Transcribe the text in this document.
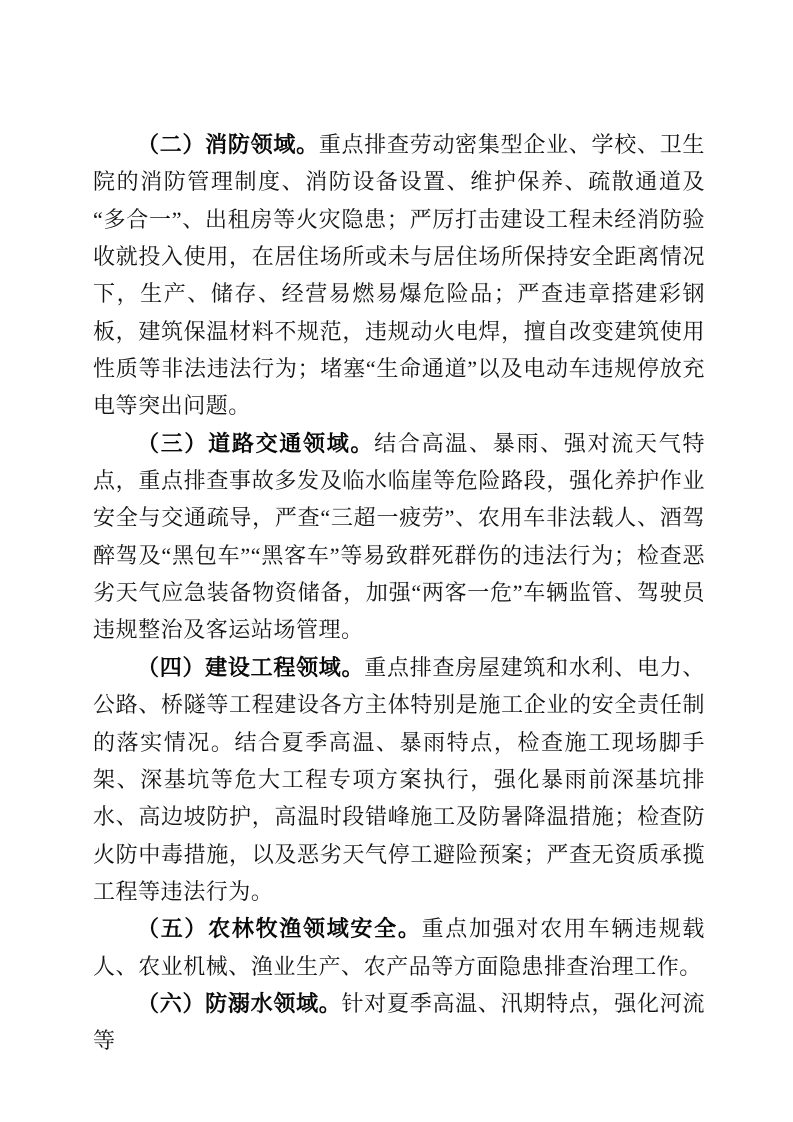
（二）消防领域。重点排查劳动密集型企业、学校、卫生院的消防管理制度、消防设备设置、维护保养、疏散通道及“多合一”、出租房等火灾隐患；严厉打击建设工程未经消防验收就投入使用，在居住场所或未与居住场所保持安全距离情况下，生产、储存、经营易燃易爆危险品；严查违章搭建彩钢板，建筑保温材料不规范，违规动火电焊，擅自改变建筑使用性质等非法违法行为；堵塞“生命通道”以及电动车违规停放充电等突出问题。

（三）道路交通领域。结合高温、暴雨、强对流天气特点，重点排查事故多发及临水临崖等危险路段，强化养护作业安全与交通疏导，严查“三超一疲劳”、农用车非法载人、酒驾醉驾及“黑包车”“黑客车”等易致群死群伤的违法行为；检查恶劣天气应急装备物资储备，加强“两客一危”车辆监管、驾驶员违规整治及客运站场管理。

（四）建设工程领域。重点排查房屋建筑和水利、电力、公路、桥隧等工程建设各方主体特别是施工企业的安全责任制的落实情况。结合夏季高温、暴雨特点，检查施工现场脚手架、深基坑等危大工程专项方案执行，强化暴雨前深基坑排水、高边坡防护，高温时段错峰施工及防暑降温措施；检查防火防中毒措施，以及恶劣天气停工避险预案；严查无资质承揽工程等违法行为。

（五）农林牧渔领域安全。重点加强对农用车辆违规载人、农业机械、渔业生产、农产品等方面隐患排查治理工作。

（六）防溺水领域。针对夏季高温、汛期特点，强化河流等
